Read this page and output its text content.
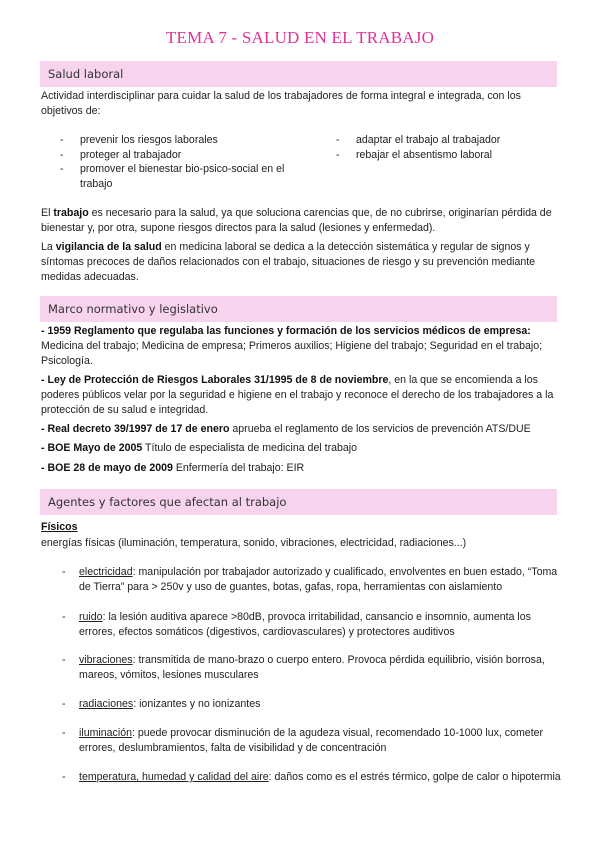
TEMA 7 - SALUD EN EL TRABAJO
Salud laboral
Actividad interdisciplinar para cuidar la salud de los trabajadores de forma integral e integrada, con los objetivos de:
- prevenir los riesgos laborales
- proteger al trabajador
- promover el bienestar bio-psico-social en el trabajo
- adaptar el trabajo al trabajador
- rebajar el absentismo laboral
El trabajo es necesario para la salud, ya que soluciona carencias que, de no cubrirse, originarían pérdida de bienestar y, por otra, supone riesgos directos para la salud (lesiones y enfermedad).
La vigilancia de la salud en medicina laboral se dedica a la detección sistemática y regular de signos y síntomas precoces de daños relacionados con el trabajo, situaciones de riesgo y su prevención mediante medidas adecuadas.
Marco normativo y legislativo
- 1959 Reglamento que regulaba las funciones y formación de los servicios médicos de empresa: Medicina del trabajo; Medicina de empresa; Primeros auxilios; Higiene del trabajo; Seguridad en el trabajo; Psicología.
- Ley de Protección de Riesgos Laborales 31/1995 de 8 de noviembre, en la que se encomienda a los poderes públicos velar por la seguridad e higiene en el trabajo y reconoce el derecho de los trabajadores a la protección de su salud e integridad.
- Real decreto 39/1997 de 17 de enero aprueba el reglamento de los servicios de prevención ATS/DUE
- BOE Mayo de 2005 Título de especialista de medicina del trabajo
- BOE 28 de mayo de 2009 Enfermería del trabajo: EIR
Agentes y factores que afectan al trabajo
Físicos
energías físicas (iluminación, temperatura, sonido, vibraciones, electricidad, radiaciones...)
- electricidad: manipulación por trabajador autorizado y cualificado, envolventes en buen estado, “Toma de Tierra” para > 250v y uso de guantes, botas, gafas, ropa, herramientas con aislamiento
- ruido: la lesión auditiva aparece >80dB, provoca irritabilidad, cansancio e insomnio, aumenta los errores, efectos somáticos (digestivos, cardiovasculares) y protectores auditivos
- vibraciones: transmitida de mano-brazo o cuerpo entero. Provoca pérdida equilibrio, visión borrosa, mareos, vómitos, lesiones musculares
- radiaciones: ionizantes y no ionizantes
- iluminación: puede provocar disminución de la agudeza visual, recomendado 10-1000 lux, cometer errores, deslumbramientos, falta de visibilidad y de concentración
- temperatura, humedad y calidad del aire: daños como es el estrés térmico, golpe de calor o hipotermia
